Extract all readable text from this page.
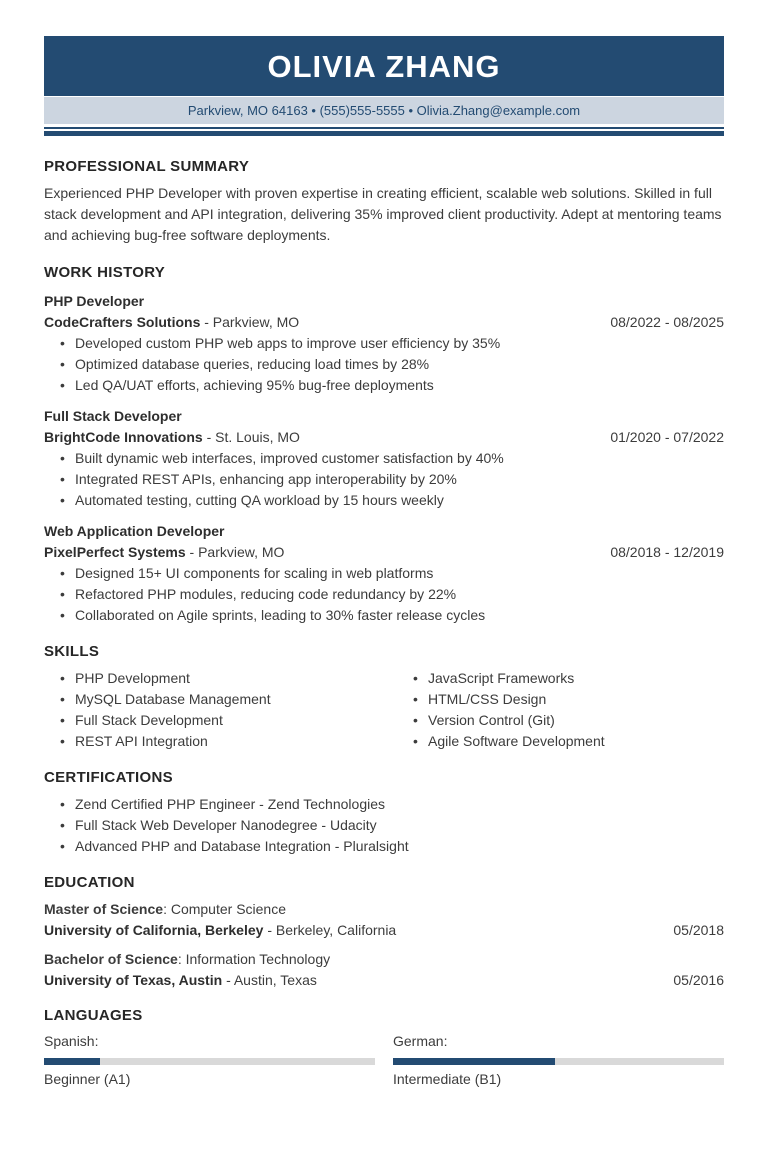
OLIVIA ZHANG
Parkview, MO 64163 • (555)555-5555 • Olivia.Zhang@example.com
PROFESSIONAL SUMMARY

Experienced PHP Developer with proven expertise in creating efficient, scalable web solutions. Skilled in full stack development and API integration, delivering 35% improved client productivity. Adept at mentoring teams and achieving bug-free software deployments.

WORK HISTORY
PHP Developer
CodeCrafters Solutions - Parkview, MO	08/2022 - 08/2025
• Developed custom PHP web apps to improve user efficiency by 35%
• Optimized database queries, reducing load times by 28%
• Led QA/UAT efforts, achieving 95% bug-free deployments
Full Stack Developer
BrightCode Innovations - St. Louis, MO	01/2020 - 07/2022
• Built dynamic web interfaces, improved customer satisfaction by 40%
• Integrated REST APIs, enhancing app interoperability by 20%
• Automated testing, cutting QA workload by 15 hours weekly
Web Application Developer
PixelPerfect Systems - Parkview, MO	08/2018 - 12/2019
• Designed 15+ UI components for scaling in web platforms
• Refactored PHP modules, reducing code redundancy by 22%
• Collaborated on Agile sprints, leading to 30% faster release cycles
SKILLS
• PHP Development
• MySQL Database Management
• Full Stack Development
• REST API Integration
• JavaScript Frameworks
• HTML/CSS Design
• Version Control (Git)
• Agile Software Development
CERTIFICATIONS
• Zend Certified PHP Engineer - Zend Technologies
• Full Stack Web Developer Nanodegree - Udacity
• Advanced PHP and Database Integration - Pluralsight
EDUCATION
Master of Science: Computer Science
University of California, Berkeley - Berkeley, California	05/2018
Bachelor of Science: Information Technology
University of Texas, Austin - Austin, Texas	05/2016
LANGUAGES
Spanish:
Beginner (A1)
German:
Intermediate (B1)
